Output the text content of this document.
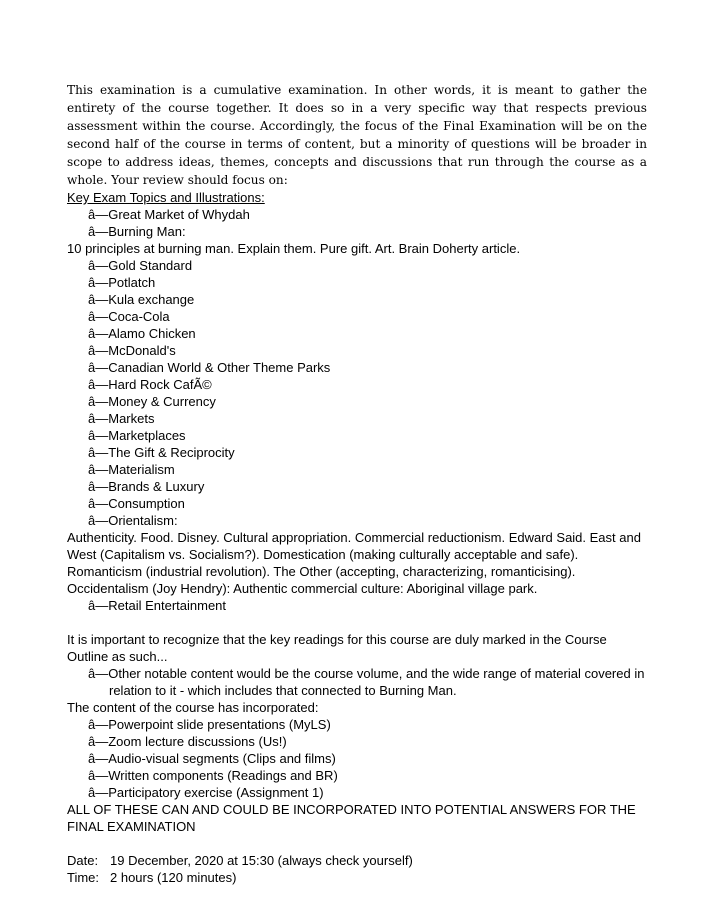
This examination is a cumulative examination. In other words, it is meant to gather the entirety of the course together. It does so in a very specific way that respects previous assessment within the course. Accordingly, the focus of the Final Examination will be on the second half of the course in terms of content, but a minority of questions will be broader in scope to address ideas, themes, concepts and discussions that run through the course as a whole. Your review should focus on:

Key Exam Topics and Illustrations:

â—Great Market of Whydah

â—Burning Man:

10 principles at burning man. Explain them. Pure gift. Art. Brain Doherty article.

â—Gold Standard

â—Potlatch

â—Kula exchange

â—Coca-Cola

â—Alamo Chicken

â—McDonald's

â—Canadian World & Other Theme Parks

â—Hard Rock CafÃ©

â—Money & Currency

â—Markets

â—Marketplaces

â—The Gift & Reciprocity

â—Materialism

â—Brands & Luxury

â—Consumption

â—Orientalism:

Authenticity. Food. Disney. Cultural appropriation. Commercial reductionism. Edward Said. East and West (Capitalism vs. Socialism?). Domestication (making culturally acceptable and safe). Romanticism (industrial revolution). The Other (accepting, characterizing, romanticising). Occidentalism (Joy Hendry): Authentic commercial culture: Aboriginal village park.

â—Retail Entertainment

It is important to recognize that the key readings for this course are duly marked in the Course Outline as such...

â—Other notable content would be the course volume, and the wide range of material covered in relation to it - which includes that connected to Burning Man.

The content of the course has incorporated:

â—Powerpoint slide presentations (MyLS)

â—Zoom lecture discussions (Us!)

â—Audio-visual segments (Clips and films)

â—Written components (Readings and BR)

â—Participatory exercise (Assignment 1)

ALL OF THESE CAN AND COULD BE INCORPORATED INTO POTENTIAL ANSWERS FOR THE FINAL EXAMINATION

Date: 19 December, 2020 at 15:30 (always check yourself)

Time: 2 hours (120 minutes)
